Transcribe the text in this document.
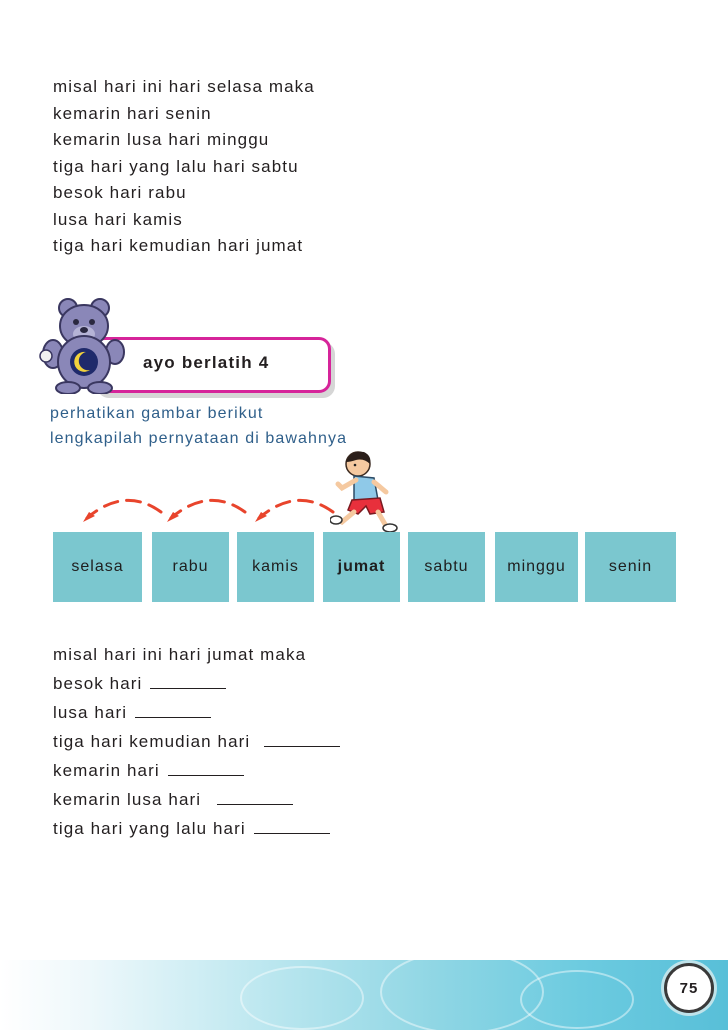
misal hari ini hari selasa maka
kemarin hari senin
kemarin lusa hari minggu
tiga hari yang lalu hari sabtu
besok hari rabu
lusa hari kamis
tiga hari kemudian hari jumat
ayo berlatih 4
perhatikan gambar berikut
lengkapilah pernyataan di bawahnya
selasa	rabu	kamis	jumat	sabtu	minggu	senin
misal hari ini hari jumat maka
besok hari
lusa hari
tiga hari kemudian hari
kemarin hari
kemarin lusa hari
tiga hari yang lalu hari
75
